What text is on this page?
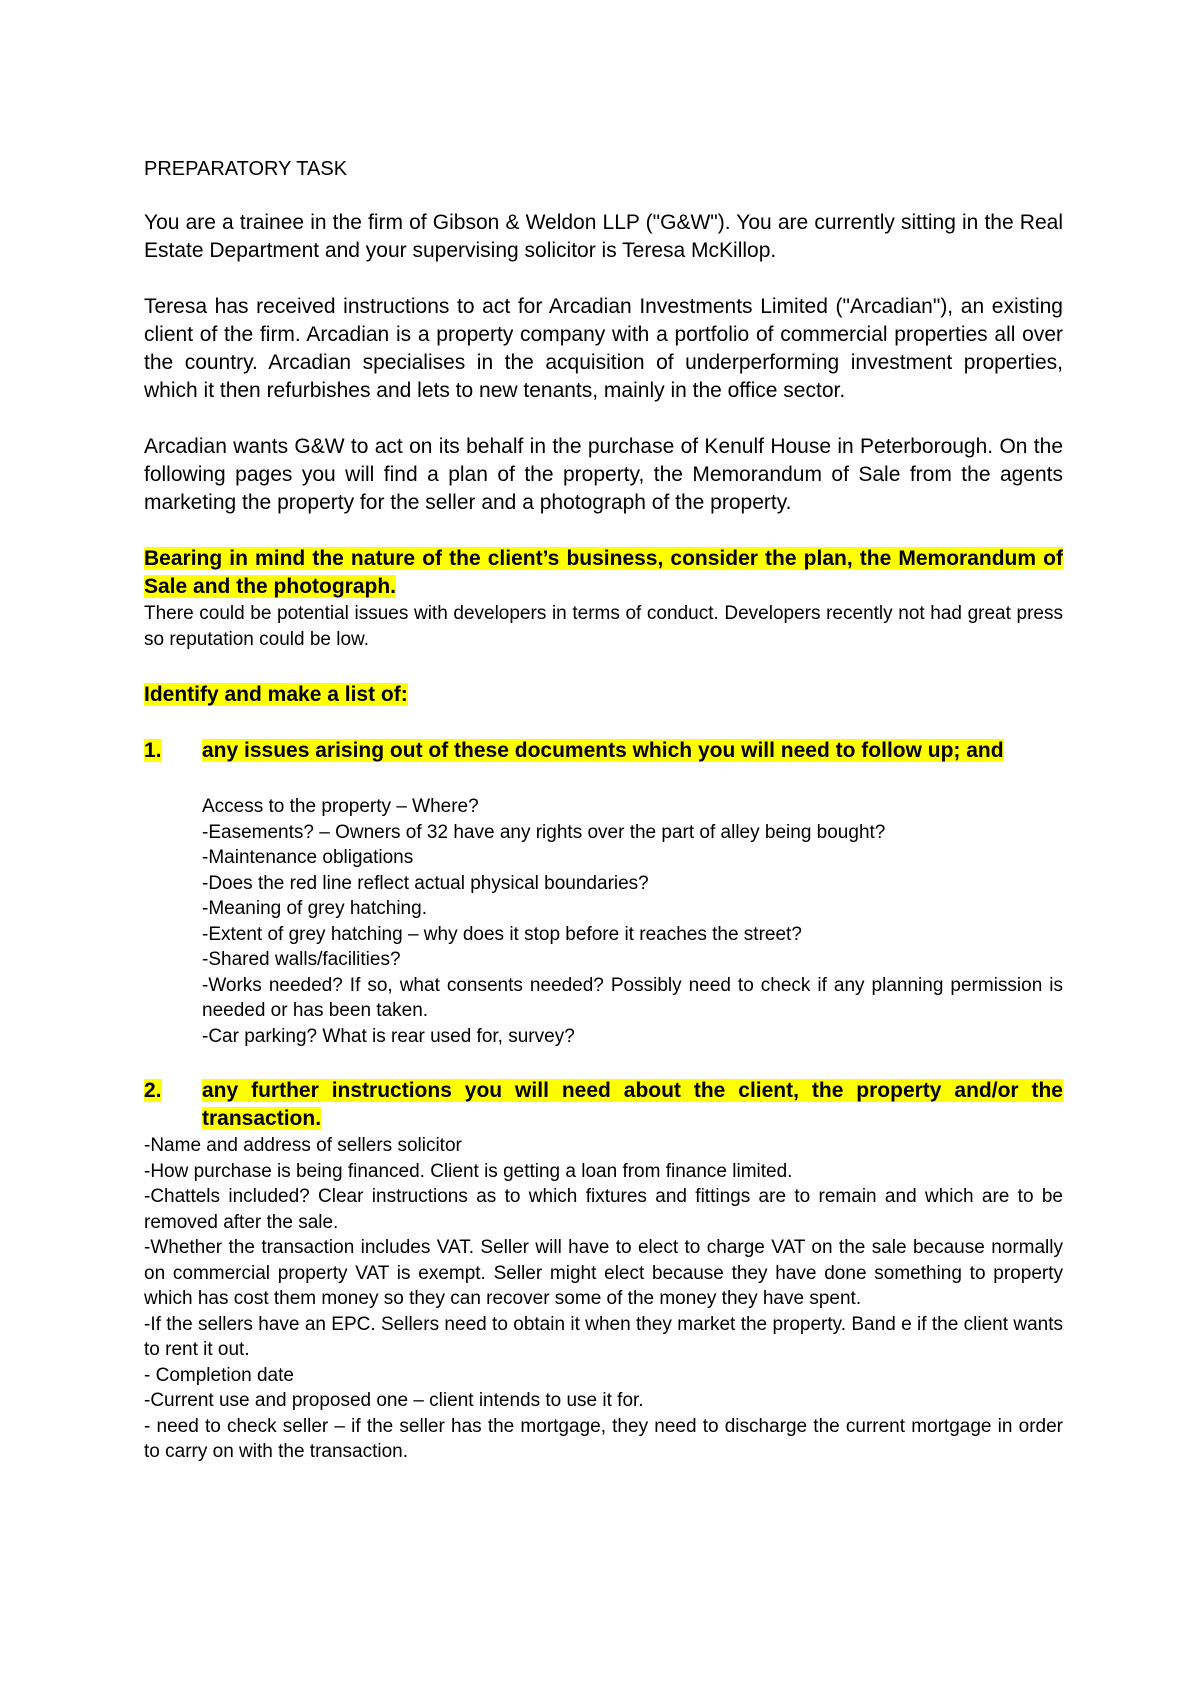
PREPARATORY TASK

You are a trainee in the firm of Gibson & Weldon LLP ("G&W"). You are currently sitting in the Real Estate Department and your supervising solicitor is Teresa McKillop.

Teresa has received instructions to act for Arcadian Investments Limited ("Arcadian"), an existing client of the firm. Arcadian is a property company with a portfolio of commercial properties all over the country. Arcadian specialises in the acquisition of underperforming investment properties, which it then refurbishes and lets to new tenants, mainly in the office sector.

Arcadian wants G&W to act on its behalf in the purchase of Kenulf House in Peterborough. On the following pages you will find a plan of the property, the Memorandum of Sale from the agents marketing the property for the seller and a photograph of the property.

Bearing in mind the nature of the client’s business, consider the plan, the Memorandum of Sale and the photograph.

There could be potential issues with developers in terms of conduct. Developers recently not had great press so reputation could be low.

Identify and make a list of:

1.	any issues arising out of these documents which you will need to follow up; and

Access to the property – Where?

-Easements? – Owners of 32 have any rights over the part of alley being bought?

-Maintenance obligations

-Does the red line reflect actual physical boundaries?

-Meaning of grey hatching.

-Extent of grey hatching – why does it stop before it reaches the street?

-Shared walls/facilities?

-Works needed? If so, what consents needed? Possibly need to check if any planning permission is needed or has been taken.

-Car parking? What is rear used for, survey?

2.	any further instructions you will need about the client, the property and/or the transaction.

-Name and address of sellers solicitor

-How purchase is being financed. Client is getting a loan from finance limited.

-Chattels included? Clear instructions as to which fixtures and fittings are to remain and which are to be removed after the sale.

-Whether the transaction includes VAT. Seller will have to elect to charge VAT on the sale because normally on commercial property VAT is exempt. Seller might elect because they have done something to property which has cost them money so they can recover some of the money they have spent.

-If the sellers have an EPC. Sellers need to obtain it when they market the property. Band e if the client wants to rent it out.

- Completion date

-Current use and proposed one – client intends to use it for.

- need to check seller – if the seller has the mortgage, they need to discharge the current mortgage in order to carry on with the transaction.
